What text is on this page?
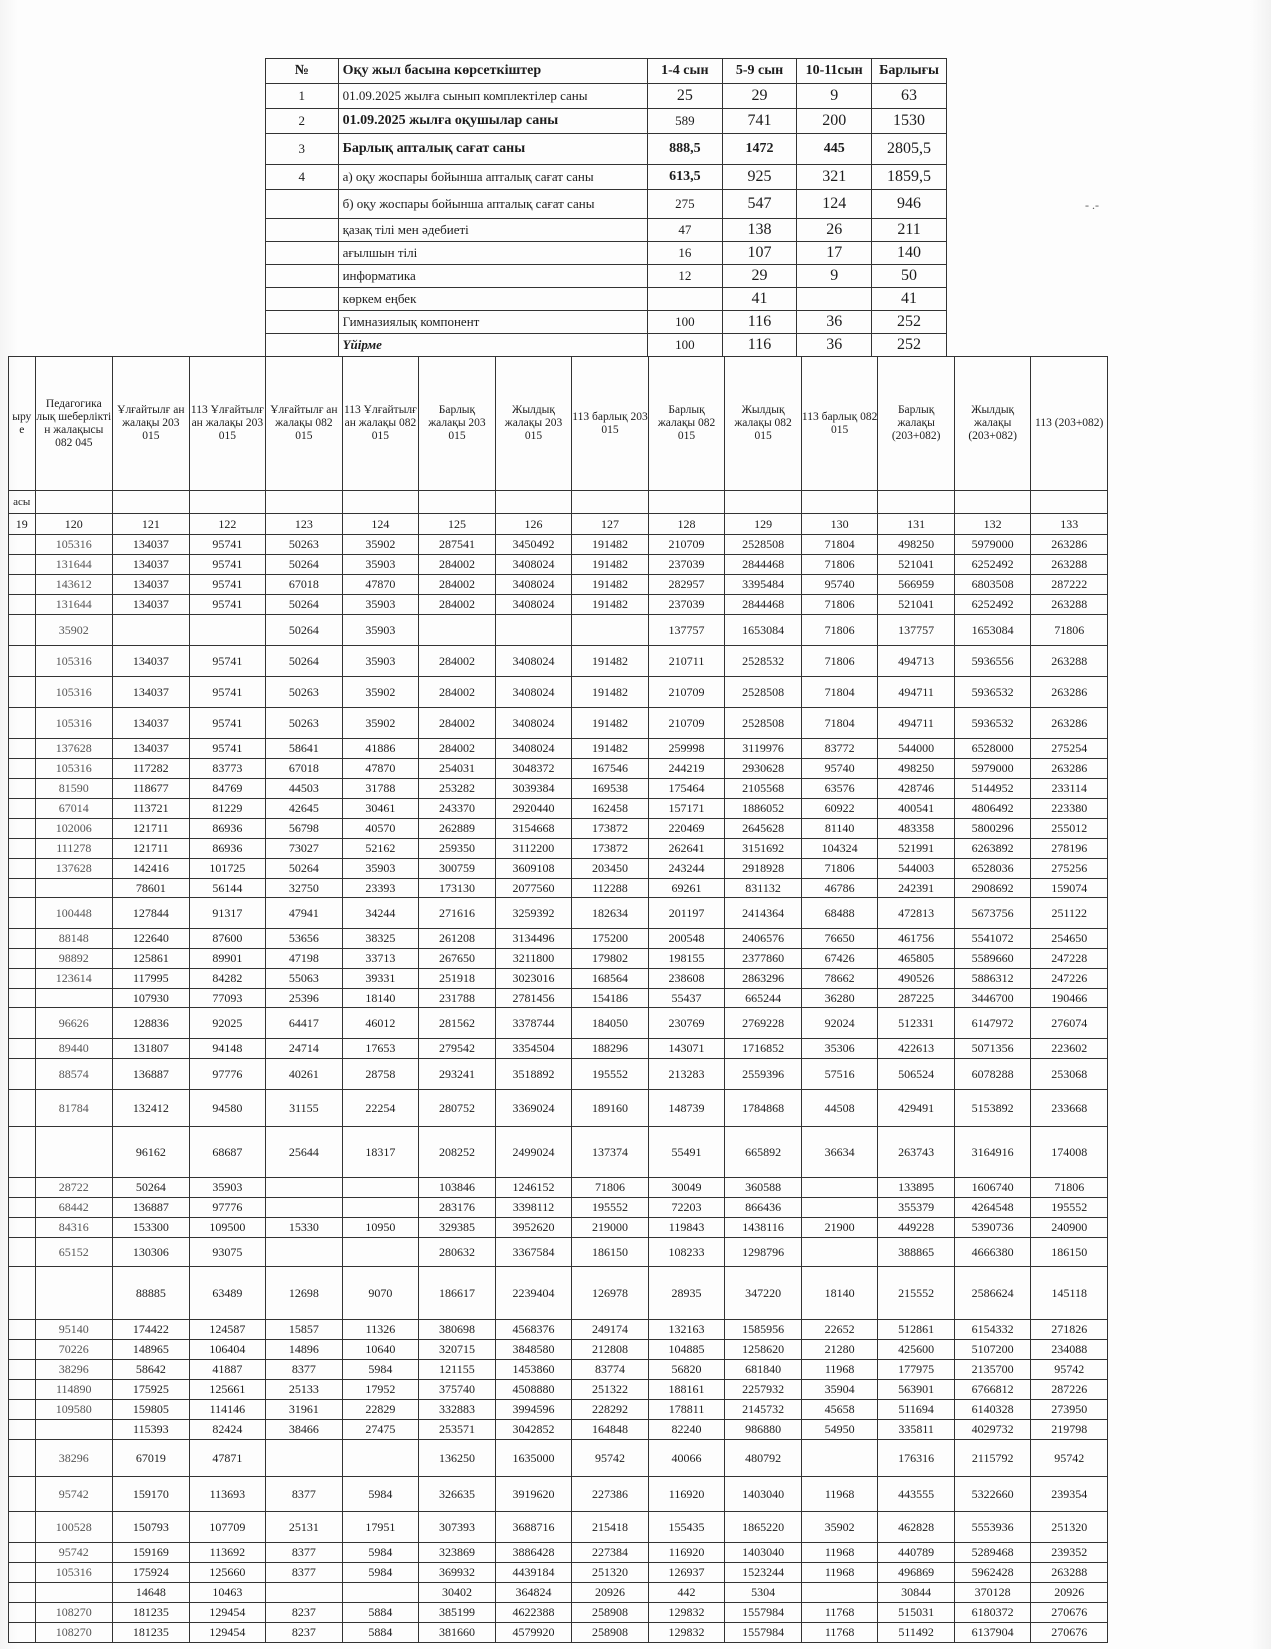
№	Оқу жыл басына көрсеткіштер	1-4 сын	5-9 сын	10-11сын	Барлығы
1	01.09.2025 жылға сынып комплектілер саны	25	29	9	63
2	01.09.2025 жылға оқушылар саны	589	741	200	1530
3	Барлық апталық сағат саны	888,5	1472	445	2805,5
4	а) оқу жоспары бойынша апталық сағат саны	613,5	925	321	1859,5
	б) оқу жоспары бойынша апталық сағат саны	275	547	124	946
	қазақ тілі мен әдебиеті	47	138	26	211
	ағылшын тілі	16	107	17	140
	информатика	12	29	9	50
	көркем еңбек		41		41
	Гимназиялық компонент	100	116	36	252
	Үйірме	100	116	36	252
- .-
ыру е	Педагогика лық шеберлікті н жалақысы 082 045	Ұлғайтылғ ан жалақы 203 015	113 Ұлғайтылғ ан жалақы 203 015	Ұлғайтылғ ан жалақы 082 015	113 Ұлғайтылғ ан жалақы 082 015	Барлық жалақы 203 015	Жылдық жалақы 203 015	113 барлық 203 015	Барлық жалақы 082 015	Жылдық жалақы 082 015	113 барлық 082 015	Барлық жалақы (203+082)	Жылдық жалақы (203+082)	113 (203+082)
асы														
19	120	121	122	123	124	125	126	127	128	129	130	131	132	133
	105316	134037	95741	50263	35902	287541	3450492	191482	210709	2528508	71804	498250	5979000	263286
	131644	134037	95741	50264	35903	284002	3408024	191482	237039	2844468	71806	521041	6252492	263288
	143612	134037	95741	67018	47870	284002	3408024	191482	282957	3395484	95740	566959	6803508	287222
	131644	134037	95741	50264	35903	284002	3408024	191482	237039	2844468	71806	521041	6252492	263288
	35902			50264	35903				137757	1653084	71806	137757	1653084	71806
	105316	134037	95741	50264	35903	284002	3408024	191482	210711	2528532	71806	494713	5936556	263288
	105316	134037	95741	50263	35902	284002	3408024	191482	210709	2528508	71804	494711	5936532	263286
	105316	134037	95741	50263	35902	284002	3408024	191482	210709	2528508	71804	494711	5936532	263286
	137628	134037	95741	58641	41886	284002	3408024	191482	259998	3119976	83772	544000	6528000	275254
	105316	117282	83773	67018	47870	254031	3048372	167546	244219	2930628	95740	498250	5979000	263286
	81590	118677	84769	44503	31788	253282	3039384	169538	175464	2105568	63576	428746	5144952	233114
	67014	113721	81229	42645	30461	243370	2920440	162458	157171	1886052	60922	400541	4806492	223380
	102006	121711	86936	56798	40570	262889	3154668	173872	220469	2645628	81140	483358	5800296	255012
	111278	121711	86936	73027	52162	259350	3112200	173872	262641	3151692	104324	521991	6263892	278196
	137628	142416	101725	50264	35903	300759	3609108	203450	243244	2918928	71806	544003	6528036	275256
		78601	56144	32750	23393	173130	2077560	112288	69261	831132	46786	242391	2908692	159074
	100448	127844	91317	47941	34244	271616	3259392	182634	201197	2414364	68488	472813	5673756	251122
	88148	122640	87600	53656	38325	261208	3134496	175200	200548	2406576	76650	461756	5541072	254650
	98892	125861	89901	47198	33713	267650	3211800	179802	198155	2377860	67426	465805	5589660	247228
	123614	117995	84282	55063	39331	251918	3023016	168564	238608	2863296	78662	490526	5886312	247226
		107930	77093	25396	18140	231788	2781456	154186	55437	665244	36280	287225	3446700	190466
	96626	128836	92025	64417	46012	281562	3378744	184050	230769	2769228	92024	512331	6147972	276074
	89440	131807	94148	24714	17653	279542	3354504	188296	143071	1716852	35306	422613	5071356	223602
	88574	136887	97776	40261	28758	293241	3518892	195552	213283	2559396	57516	506524	6078288	253068
	81784	132412	94580	31155	22254	280752	3369024	189160	148739	1784868	44508	429491	5153892	233668
		96162	68687	25644	18317	208252	2499024	137374	55491	665892	36634	263743	3164916	174008
	28722	50264	35903			103846	1246152	71806	30049	360588		133895	1606740	71806
	68442	136887	97776			283176	3398112	195552	72203	866436		355379	4264548	195552
	84316	153300	109500	15330	10950	329385	3952620	219000	119843	1438116	21900	449228	5390736	240900
	65152	130306	93075			280632	3367584	186150	108233	1298796		388865	4666380	186150
		88885	63489	12698	9070	186617	2239404	126978	28935	347220	18140	215552	2586624	145118
	95140	174422	124587	15857	11326	380698	4568376	249174	132163	1585956	22652	512861	6154332	271826
	70226	148965	106404	14896	10640	320715	3848580	212808	104885	1258620	21280	425600	5107200	234088
	38296	58642	41887	8377	5984	121155	1453860	83774	56820	681840	11968	177975	2135700	95742
	114890	175925	125661	25133	17952	375740	4508880	251322	188161	2257932	35904	563901	6766812	287226
	109580	159805	114146	31961	22829	332883	3994596	228292	178811	2145732	45658	511694	6140328	273950
		115393	82424	38466	27475	253571	3042852	164848	82240	986880	54950	335811	4029732	219798
	38296	67019	47871			136250	1635000	95742	40066	480792		176316	2115792	95742
	95742	159170	113693	8377	5984	326635	3919620	227386	116920	1403040	11968	443555	5322660	239354
	100528	150793	107709	25131	17951	307393	3688716	215418	155435	1865220	35902	462828	5553936	251320
	95742	159169	113692	8377	5984	323869	3886428	227384	116920	1403040	11968	440789	5289468	239352
	105316	175924	125660	8377	5984	369932	4439184	251320	126937	1523244	11968	496869	5962428	263288
		14648	10463			30402	364824	20926	442	5304		30844	370128	20926
	108270	181235	129454	8237	5884	385199	4622388	258908	129832	1557984	11768	515031	6180372	270676
	108270	181235	129454	8237	5884	381660	4579920	258908	129832	1557984	11768	511492	6137904	270676
